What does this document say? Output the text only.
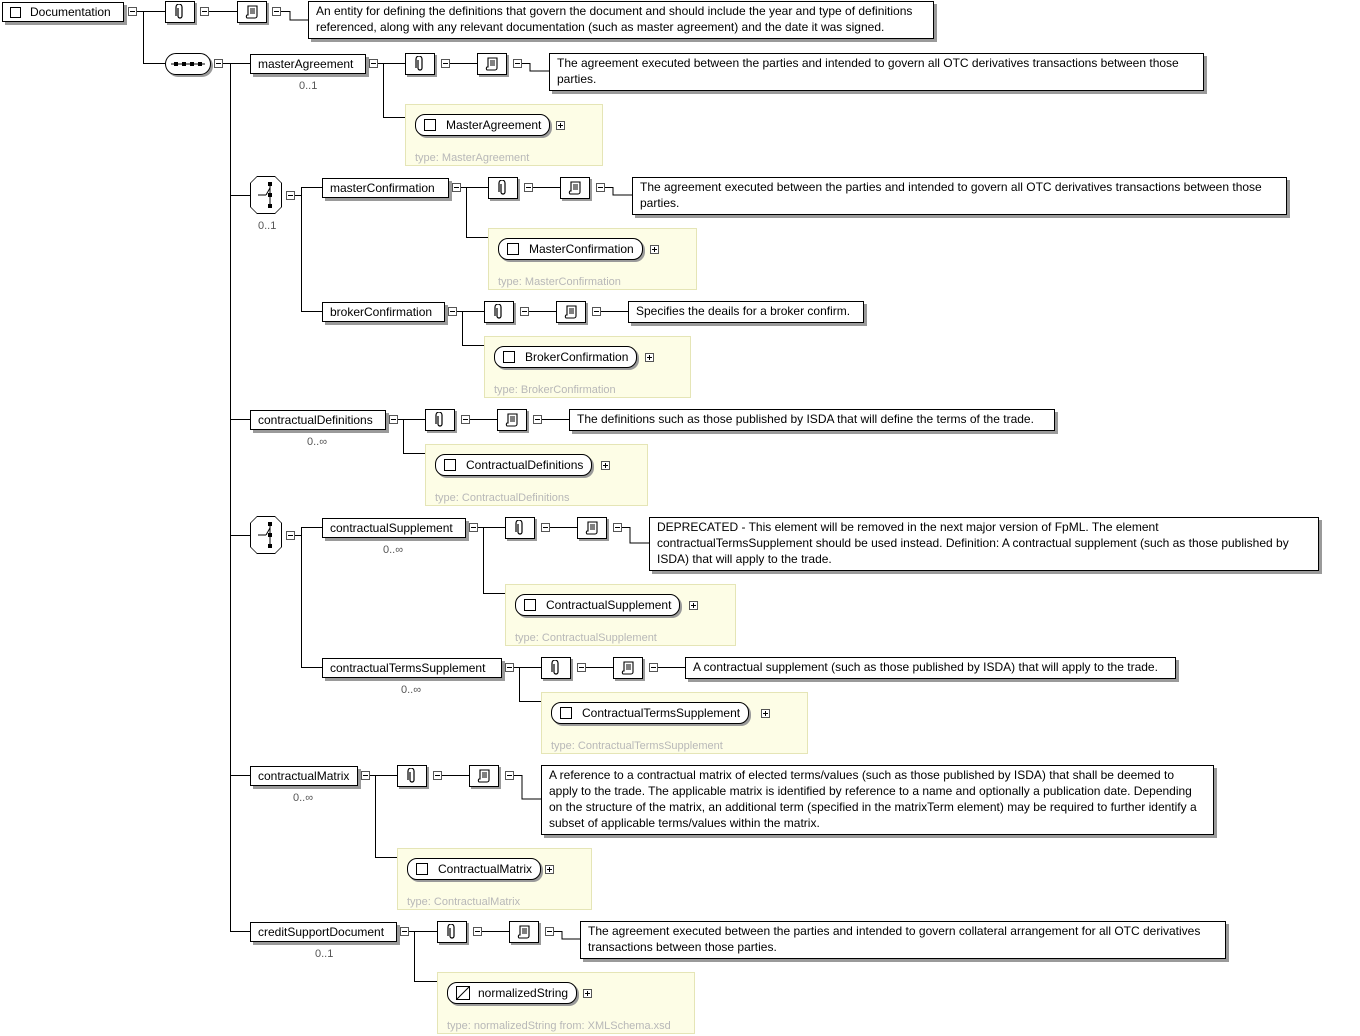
Documentation	An entity for defining the definitions that govern the document and should include the year and type of definitions referenced, along with any relevant documentation (such as master agreement) and the date it was signed.
masterAgreement
0..1
The agreement executed between the parties and intended to govern all OTC derivatives transactions between those parties.
type: MasterAgreement
MasterAgreement
0..1
masterConfirmation	The agreement executed between the parties and intended to govern all OTC derivatives transactions between those parties.
type: MasterConfirmation
MasterConfirmation
brokerConfirmation	Specifies the deails for a broker confirm.
type: BrokerConfirmation
BrokerConfirmation
contractualDefinitions
0..∞
The definitions such as those published by ISDA that will define the terms of the trade.
type: ContractualDefinitions
ContractualDefinitions
contractualSupplement
0..∞
DEPRECATED - This element will be removed in the next major version of FpML. The element contractualTermsSupplement should be used instead. Definition: A contractual supplement (such as those published by ISDA) that will apply to the trade.
type: ContractualSupplement
ContractualSupplement
contractualTermsSupplement
0..∞
A contractual supplement (such as those published by ISDA) that will apply to the trade.
type: ContractualTermsSupplement
ContractualTermsSupplement
contractualMatrix
0..∞
A reference to a contractual matrix of elected terms/values (such as those published by ISDA) that shall be deemed to apply to the trade. The applicable matrix is identified by reference to a name and optionally a publication date. Depending on the structure of the matrix, an additional term (specified in the matrixTerm element) may be required to further identify a subset of applicable terms/values within the matrix.
type: ContractualMatrix
ContractualMatrix
creditSupportDocument
0..1
The agreement executed between the parties and intended to govern collateral arrangement for all OTC derivatives transactions between those parties.
type: normalizedString from: XMLSchema.xsd
normalizedString
